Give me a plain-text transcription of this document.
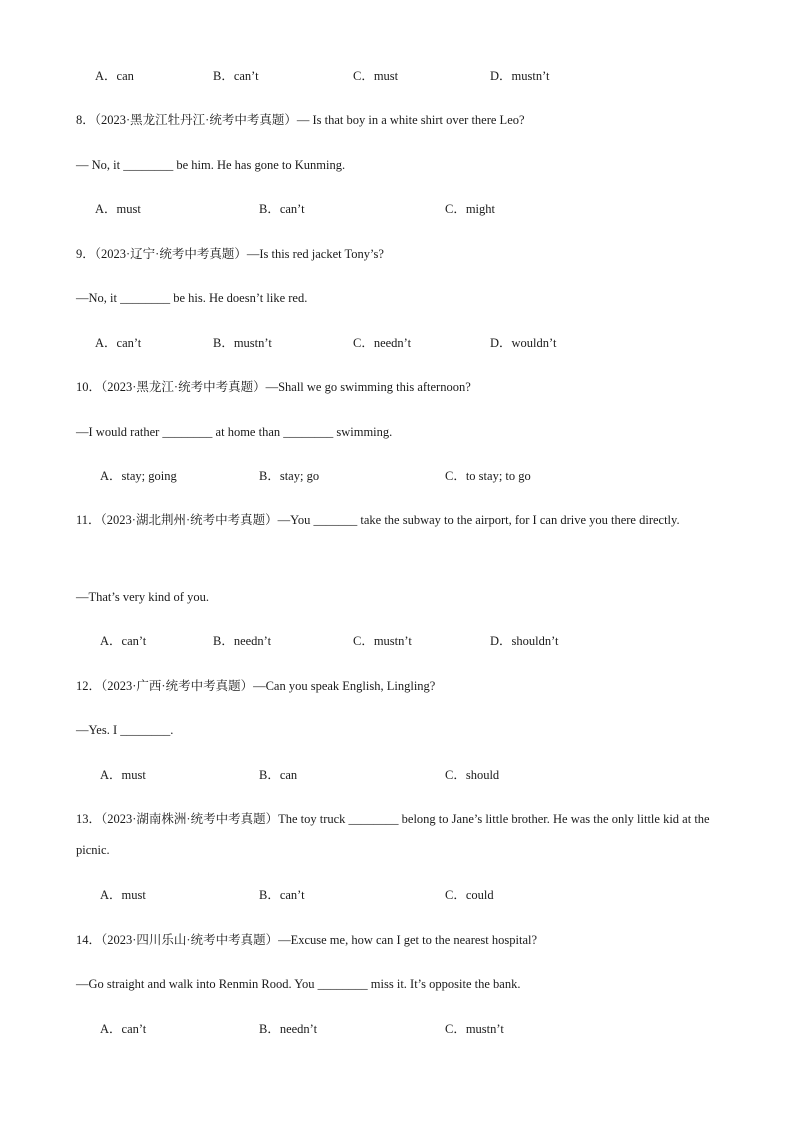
A．can	B．can’t	C．must	D．mustn’t
8．（2023·黑龙江牡丹江·统考中考真题）— Is that boy in a white shirt over there Leo?
— No, it ________ be him. He has gone to Kunming.
A．must	B．can’t	C．might
9．（2023·辽宁·统考中考真题）—Is this red jacket Tony’s?
—No, it ________ be his. He doesn’t like red.
A．can’t	B．mustn’t	C．needn’t	D．wouldn’t
10．（2023·黑龙江·统考中考真题）—Shall we go swimming this afternoon?
—I would rather ________ at home than ________ swimming.
A．stay; going	B．stay; go	C．to stay; to go
11．（2023·湖北荆州·统考中考真题）—You _______ take the subway to the airport, for I can drive you there directly.
—That’s very kind of you.
A．can’t	B．needn’t	C．mustn’t	D．shouldn’t
12．（2023·广西·统考中考真题）—Can you speak English, Lingling?
—Yes. I ________.
A．must	B．can	C．should
13．（2023·湖南株洲·统考中考真题）The toy truck ________ belong to Jane’s little brother. He was the only little kid at the picnic.
A．must	B．can’t	C．could
14．（2023·四川乐山·统考中考真题）—Excuse me, how can I get to the nearest hospital?
—Go straight and walk into Renmin Rood. You ________ miss it. It’s opposite the bank.
A．can’t	B．needn’t	C．mustn’t
